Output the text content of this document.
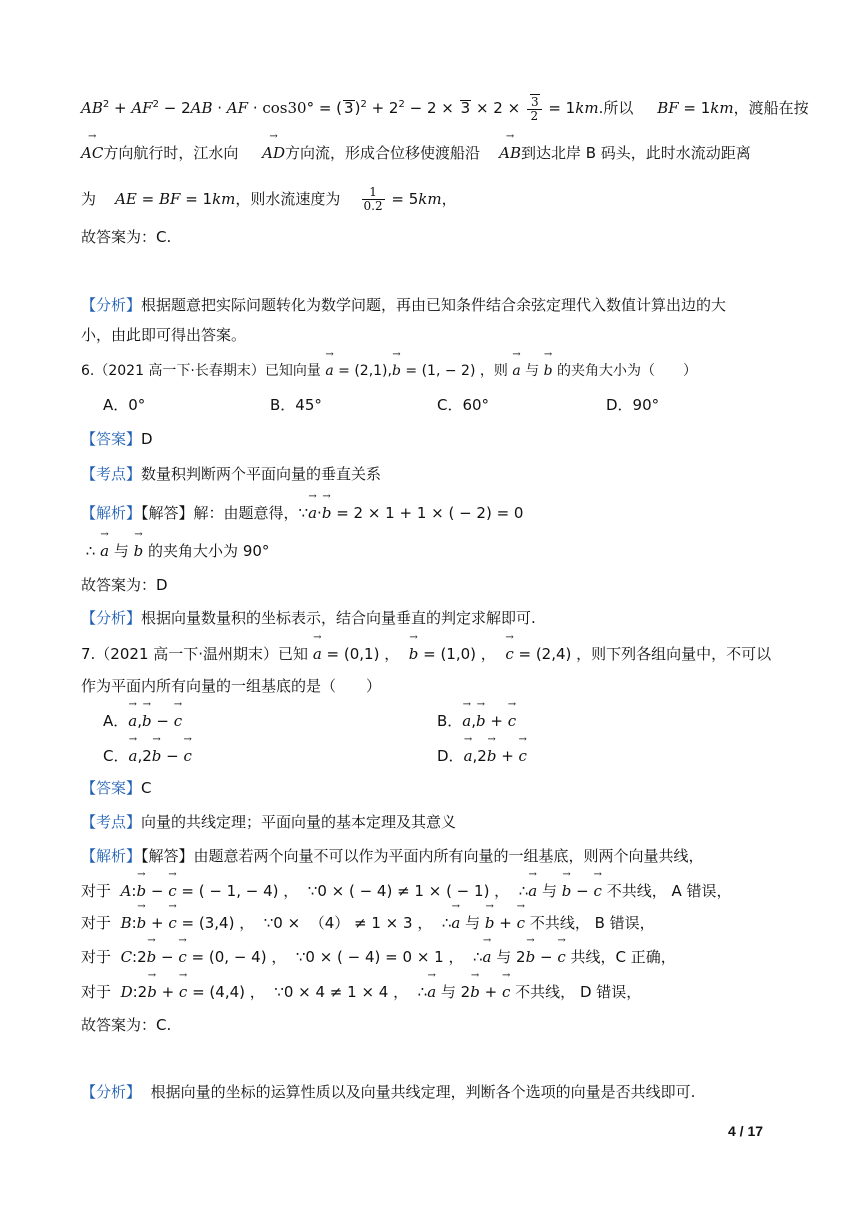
$AB^2 + AF^2 - 2AB$ · AF · cos30° = ( $3)^2 + 2^2 - 2 \times 3 \times 2 \times \frac{3}{2} = 1km$.所以 BF = 1km，渡船在按
→ AC方向航行时，江水向 → AD方向流，形成合位移使渡船沿 → AB到达北岸 B 码头，此时水流动距离
为 AE = BF = 1km，则水流速度为 $\frac{1}{0.2} = 5km$，
故答案为：C.
【分析】根据题意把实际问题转化为数学问题，再由已知条件结合余弦定理代入数值计算出边的大
小，由此即可得出答案。
6.（2021 高一下·长春期末）已知向量 → a = (2,1),→ b = (1, − 2) ，则 → a 与 → b 的夹角大小为（　　）
A．0°	B．45°	C．60°	D．90°
【答案】D
【考点】数量积判断两个平面向量的垂直关系
【解析】【解答】解：由题意得，∵→ a·→ b = 2 × 1 + 1 × ( − 2) = 0
∴ → a 与 → b 的夹角大小为 90°
故答案为：D
【分析】根据向量数量积的坐标表示，结合向量垂直的判定求解即可.
7.（2021 高一下·温州期末）已知 → a = (0,1) ，  → b = (1,0) ，  → c = (2,4) ，则下列各组向量中，不可以
作为平面内所有向量的一组基底的是（　　）
A．→ a,→ b − → c	B．→ a,→ b + → c
C．→ a,2→ b − → c	D．→ a,2→ b + → c
【答案】C
【考点】向量的共线定理；平面向量的基本定理及其意义
【解析】【解答】由题意若两个向量不可以作为平面内所有向量的一组基底，则两个向量共线，
对于 A:→ b − → c = ( − 1, − 4) ，  ∵0 × ( − 4) ≠ 1 × ( − 1) ，  ∴→ a 与 → b − → c 不共线， A 错误，
对于 B:→ b + → c = (3,4) ，  ∵0 ×  （4） ≠ 1 × 3 ，  ∴→ a 与 → b + → c 不共线， B 错误，
对于 C:2→ b − → c = (0, − 4) ，  ∵0 × ( − 4) = 0 × 1 ，  ∴→ a 与 2→ b − → c 共线，C 正确，
对于 D:2→ b + → c = (4,4) ，  ∵0 × 4 ≠ 1 × 4 ，  ∴→ a 与 2→ b + → c 不共线， D 错误，
故答案为：C.
【分析】 根据向量的坐标的运算性质以及向量共线定理，判断各个选项的向量是否共线即可.
4 / 17
